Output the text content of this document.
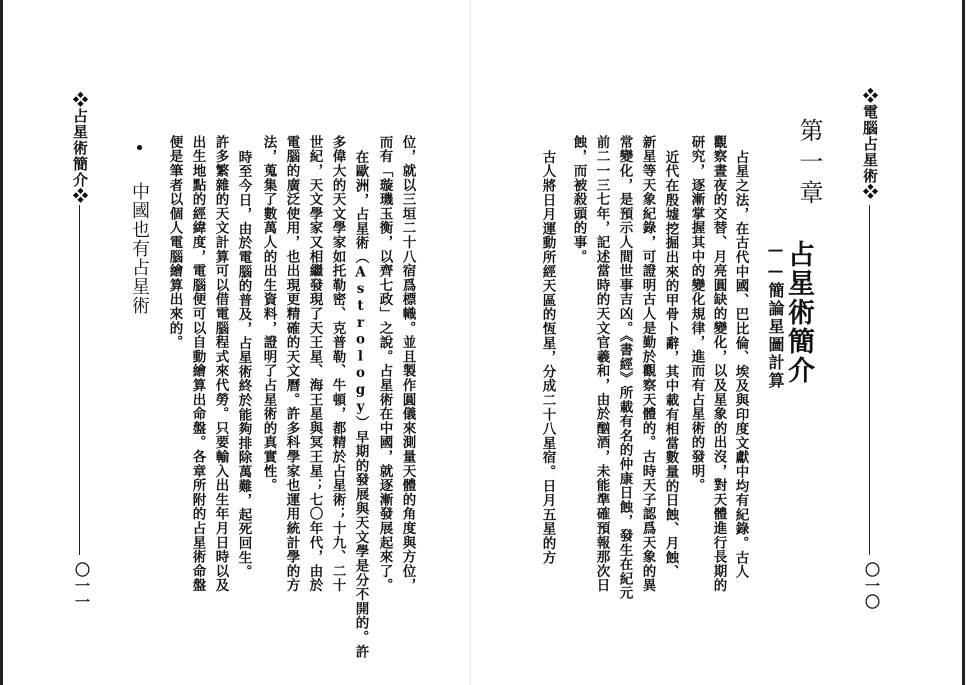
❖電腦占星術❖
〇一〇
第一章
占星術簡介
——簡論星圖計算
占星之法，在古代中國、巴比倫、埃及與印度文獻中均有紀錄。古人
觀察晝夜的交替、月亮圓缺的變化，以及星象的出沒，對天體進行長期的
研究，逐漸掌握其中的變化規律，進而有占星術的發明。
近代在殷墟挖掘出來的甲骨卜辭，其中載有相當數量的日蝕、月蝕、
新星等天象紀錄，可證明古人是勤於觀察天體的。古時天子認爲天象的異
常變化，是預示人間世事吉凶。《書經》所載有名的仲康日蝕，發生在紀元
前二一三七年，記述當時的天文官羲和，由於酗酒，未能準確預報那次日
蝕，而被殺頭的事。
古人將日月運動所經天區的恆星，分成二十八星宿。日月五星的方
❖占星術簡介❖
〇一一	位，就以三垣二十八宿爲標幟。並且製作圓儀來測量天體的角度與方位，
而有「璇璣玉衡，以齊七政」之說。占星術在中國，就逐漸發展起來了。
在歐洲，占星術（Astrology）早期的發展與天文學是分不開的。許
多偉大的天文學家如托勒密、克普勒、牛頓，都精於占星術；十九、二十
世紀，天文學家又相繼發現了天王星、海王星與冥王星；七〇年代，由於
電腦的廣泛使用，也出現更精確的天文曆。許多科學家也運用統計學的方
法，蒐集了數萬人的出生資料，證明了占星術的真實性。
時至今日，由於電腦的普及，占星術終於能夠排除萬難，起死回生。
許多繁雜的天文計算可以借電腦程式來代勞。只要輸入出生年月日時以及
出生地點的經緯度，電腦便可以自動繪算出命盤。各章所附的占星術命盤
便是筆者以個人電腦繪算出來的。
• 中國也有占星術
